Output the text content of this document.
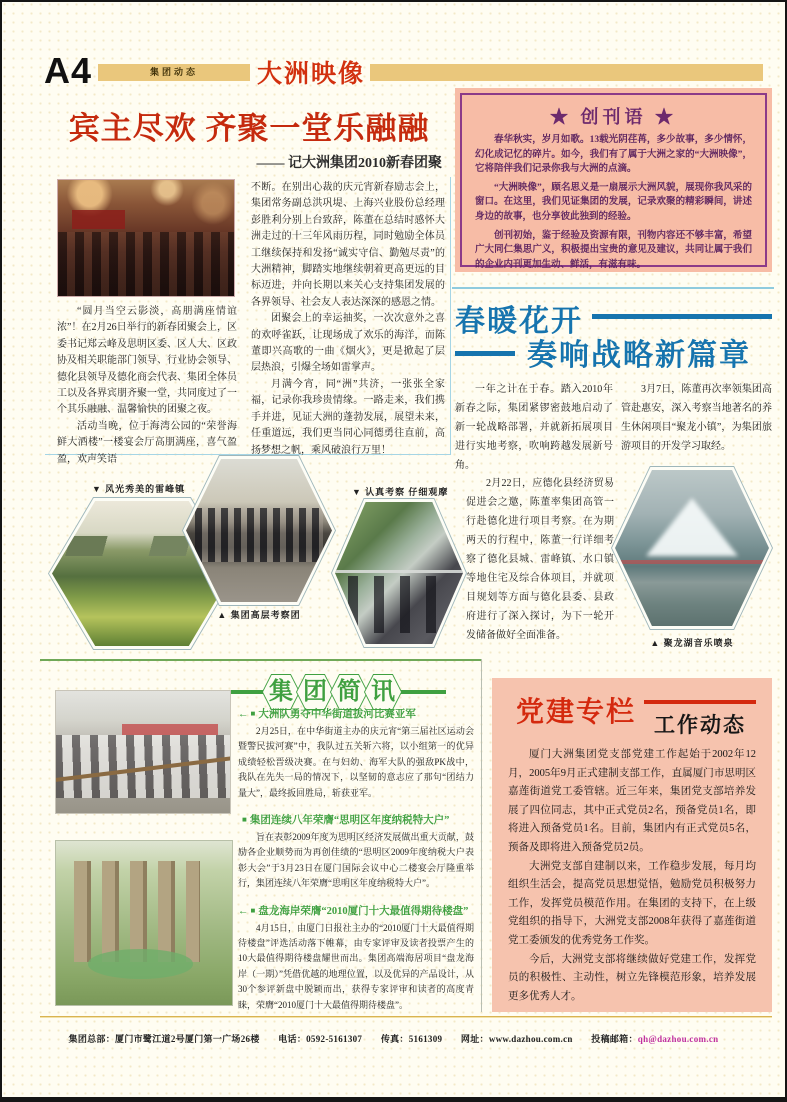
A4	集团动态	大洲映像
宾主尽欢 齐聚一堂乐融融
—— 记大洲集团2010新春团聚

“圆月当空云影淡，高朋满座情谊浓”！在2月26日举行的新春团聚会上，区委书记郑云峰及思明区委、区人大、区政协及相关职能部门领导、行业协会领导、德化县领导及德化商会代表、集团全体员工以及各界宾朋齐聚一堂，共同度过了一个其乐融融、温馨愉快的团聚之夜。

活动当晚，位于海湾公园的“荣誉海鲜大酒楼”一楼宴会厅高朋满座，喜气盈盈，欢声笑语

不断。在别出心裁的庆元宵新春励志会上，集团常务副总洪巩堤、上海兴业股份总经理彭胜利分别上台致辞，陈董在总结时感怀大洲走过的十三年风雨历程，同时勉励全体员工继续保持和发扬“诚实守信、勤勉尽责”的大洲精神，脚踏实地继续朝着更高更远的目标迈进，并向长期以来关心支持集团发展的各界领导、社会友人表达深深的感恩之情。

团聚会上的幸运抽奖，一次次意外之喜的欢呼雀跃，让现场成了欢乐的海洋，而陈董即兴高歌的一曲《烟火》，更是掀起了层层热浪，引爆全场如雷掌声。

月满今宵，同“洲”共济，一张张全家福，记录你我珍贵情缘。一路走来，我们携手并进，见证大洲的蓬勃发展，展望未来，任重道远，我们更当同心同德勇往直前，高扬梦想之帆，乘风破浪行万里！

★ 创刊语 ★

春华秋实，岁月如歌。13载光阴荏苒，多少故事，多少情怀，幻化成记忆的碎片。如今，我们有了属于大洲之家的“大洲映像”，它将陪伴我们记录你我与大洲的点滴。

“大洲映像”，顾名思义是一扇展示大洲风貌，展现你我风采的窗口。在这里，我们见证集团的发展，记录欢聚的精彩瞬间，讲述身边的故事，也分享彼此独到的经验。

创刊初始，鉴于经验及资源有限，刊物内容还不够丰富，希望广大同仁集思广义，积极提出宝贵的意见及建议，共同让属于我们的企业内刊更加生动、鲜活，有滋有味。

春暖花开
奏响战略新篇章

一年之计在于春。踏入2010年新春之际，集团紧锣密鼓地启动了新一轮战略部署，并就新拓展项目进行实地考察，吹响跨越发展新号角。

3月7日，陈董再次率领集团高管赴惠安，深入考察当地著名的养生休闲项目“聚龙小镇”，为集团旅游项目的开发学习取经。

2月22日，应德化县经济贸易促进会之邀，陈董率集团高管一行赴德化进行项目考察。在为期两天的行程中，陈董一行详细考察了德化县城、雷峰镇、水口镇等地住宅及综合体项目，并就项目规划等方面与德化县委、县政府进行了深入探讨，为下一轮开发储备做好全面准备。

▼ 风光秀美的雷峰镇
▲ 集团高层考察团
▼ 认真考察 仔细观摩
▲ 聚龙湖音乐喷泉
集 团 简 讯
← ■ 大洲队勇夺中华街道拔河比赛亚军
2月25日，在中华街道主办的庆元宵“第三届社区运动会暨警民拔河赛”中，我队过五关斩六将，以小组第一的优异成绩轻松晋级决赛。在与妇幼、海军大队的强敌PK战中，我队在先失一局的情况下，以坚韧的意志应了那句“团结力量大”，最终扳回胜局，斩获亚军。
■ 集团连续八年荣膺“思明区年度纳税特大户”
旨在表彰2009年度为思明区经济发展做出重大贡献，鼓励各企业顺势而为再创佳绩的“思明区2009年度纳税大户表彰大会”于3月23日在厦门国际会议中心二楼宴会厅隆重举行，集团连续八年荣膺“思明区年度纳税特大户”。
← ■ 盘龙海岸荣膺“2010厦门十大最值得期待楼盘”
4月15日，由厦门日报社主办的“2010厦门十大最值得期待楼盘”评选活动落下帷幕，由专家评审及读者投票产生的10大最值得期待楼盘耀世而出。集团高端海居项目“盘龙海岸（一期）”凭借优越的地理位置，以及优异的产品设计，从30个参评新盘中脱颖而出，获得专家评审和读者的高度青睐，荣膺“2010厦门十大最值得期待楼盘”。
党建专栏 工作动态

厦门大洲集团党支部党建工作起始于2002年12月，2005年9月正式建制支部工作，直属厦门市思明区嘉莲街道党工委管辖。近三年来，集团党支部培养发展了四位同志，其中正式党员2名，预备党员1名，即将进入预备党员1名。目前，集团内有正式党员5名，预备及即将进入预备党员2员。

大洲党支部自建制以来，工作稳步发展，每月均组织生活会，提高党员思想觉悟，勉励党员积极努力工作，发挥党员模范作用。在集团的支持下，在上级党组织的指导下，大洲党支部2008年获得了嘉莲街道党工委颁发的优秀党务工作奖。

今后，大洲党支部将继续做好党建工作，发挥党员的积极性、主动性，树立先锋模范形象，培养发展更多优秀人才。

集团总部：厦门市鹭江道2号厦门第一广场26楼　　电话：0592-5161307　　传真：5161309　　网址：www.dazhou.com.cn　　投稿邮箱：qh@dazhou.com.cn
